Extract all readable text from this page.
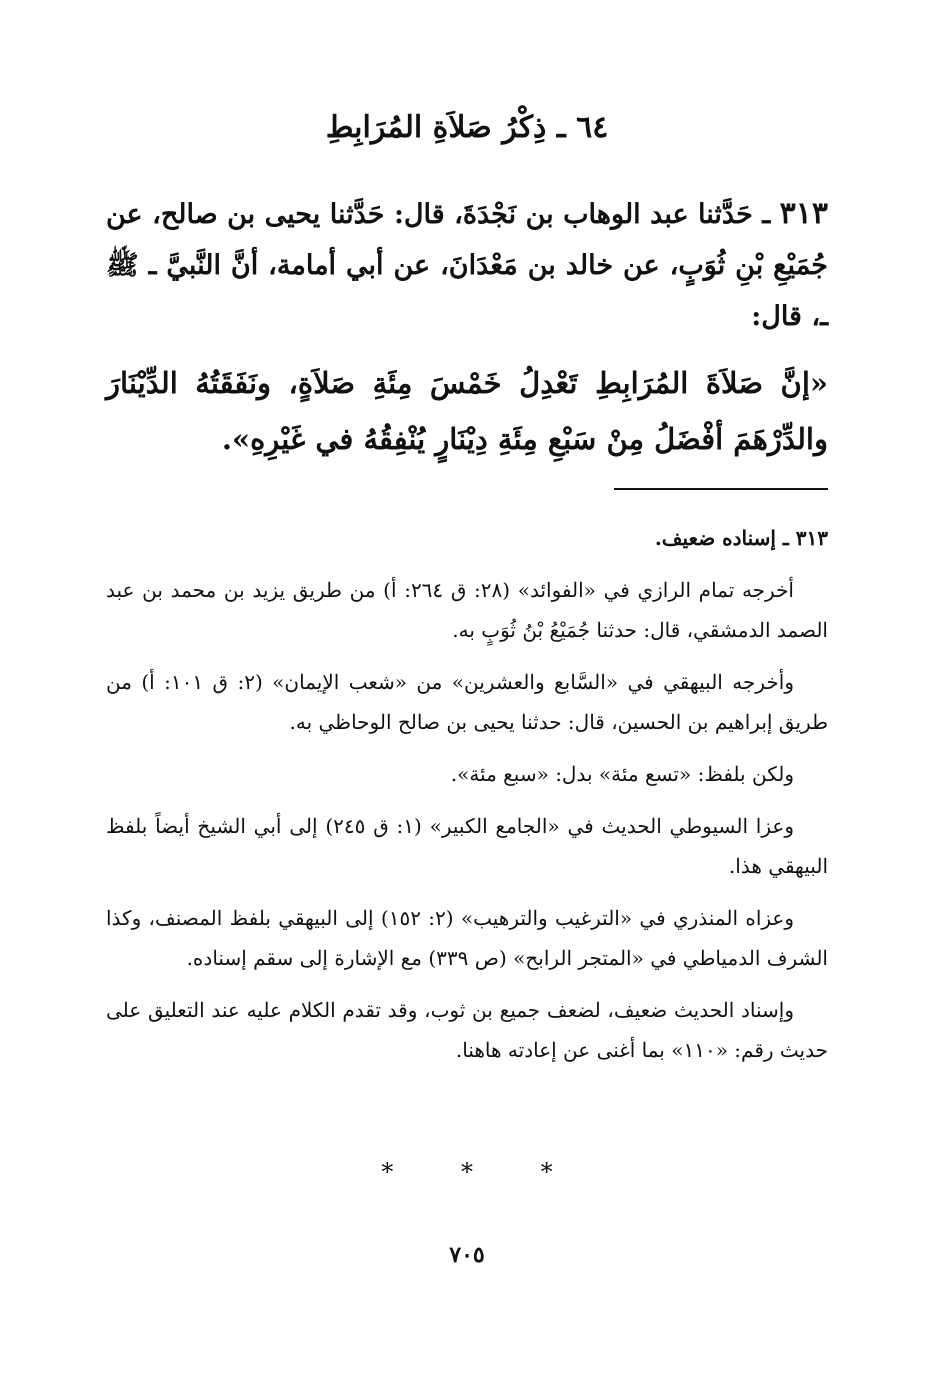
٦٤ ـ ذِكْرُ صَلاَةِ المُرَابِطِ
٣١٣ ـ حَدَّثنا عبد الوهاب بن نَجْدَةَ، قال: حَدَّثنا يحيى بن صالح، عن جُمَيْعِ بْنِ ثُوَبٍ، عن خالد بن مَعْدَانَ، عن أبي أمامة، أنَّ النَّبيَّ ـ ﷺ ـ، قال:
«إنَّ صَلاَةَ المُرَابِطِ تَعْدِلُ خَمْسَ مِئَةِ صَلاَةٍ، ونَفَقَتُهُ الدِّيْنَارَ والدِّرْهَمَ أفْضَلُ مِنْ سَبْعِ مِئَةِ دِيْنَارٍ يُنْفِقُهُ في غَيْرِهِ».

٣١٣ ـ إسناده ضعيف.

أخرجه تمام الرازي في «الفوائد» (٢٨: ق ٢٦٤: أ) من طريق يزيد بن محمد بن عبد الصمد الدمشقي، قال: حدثنا جُمَيْعُ بْنُ ثُوَبٍ به.

وأخرجه البيهقي في «السَّابع والعشرين» من «شعب الإيمان» (٢: ق ١٠١: أ) من طريق إبراهيم بن الحسين، قال: حدثنا يحيى بن صالح الوحاظي به.

ولكن بلفظ: «تسع مئة» بدل: «سبع مئة».

وعزا السيوطي الحديث في «الجامع الكبير» (١: ق ٢٤٥) إلى أبي الشيخ أيضاً بلفظ البيهقي هذا.

وعزاه المنذري في «الترغيب والترهيب» (٢: ١٥٢) إلى البيهقي بلفظ المصنف، وكذا الشرف الدمياطي في «المتجر الرابح» (ص ٣٣٩) مع الإشارة إلى سقم إسناده.

وإسناد الحديث ضعيف، لضعف جميع بن ثوب، وقد تقدم الكلام عليه عند التعليق على حديث رقم: «١١٠» بما أغنى عن إعادته هاهنا.

* * *
٧٠٥
